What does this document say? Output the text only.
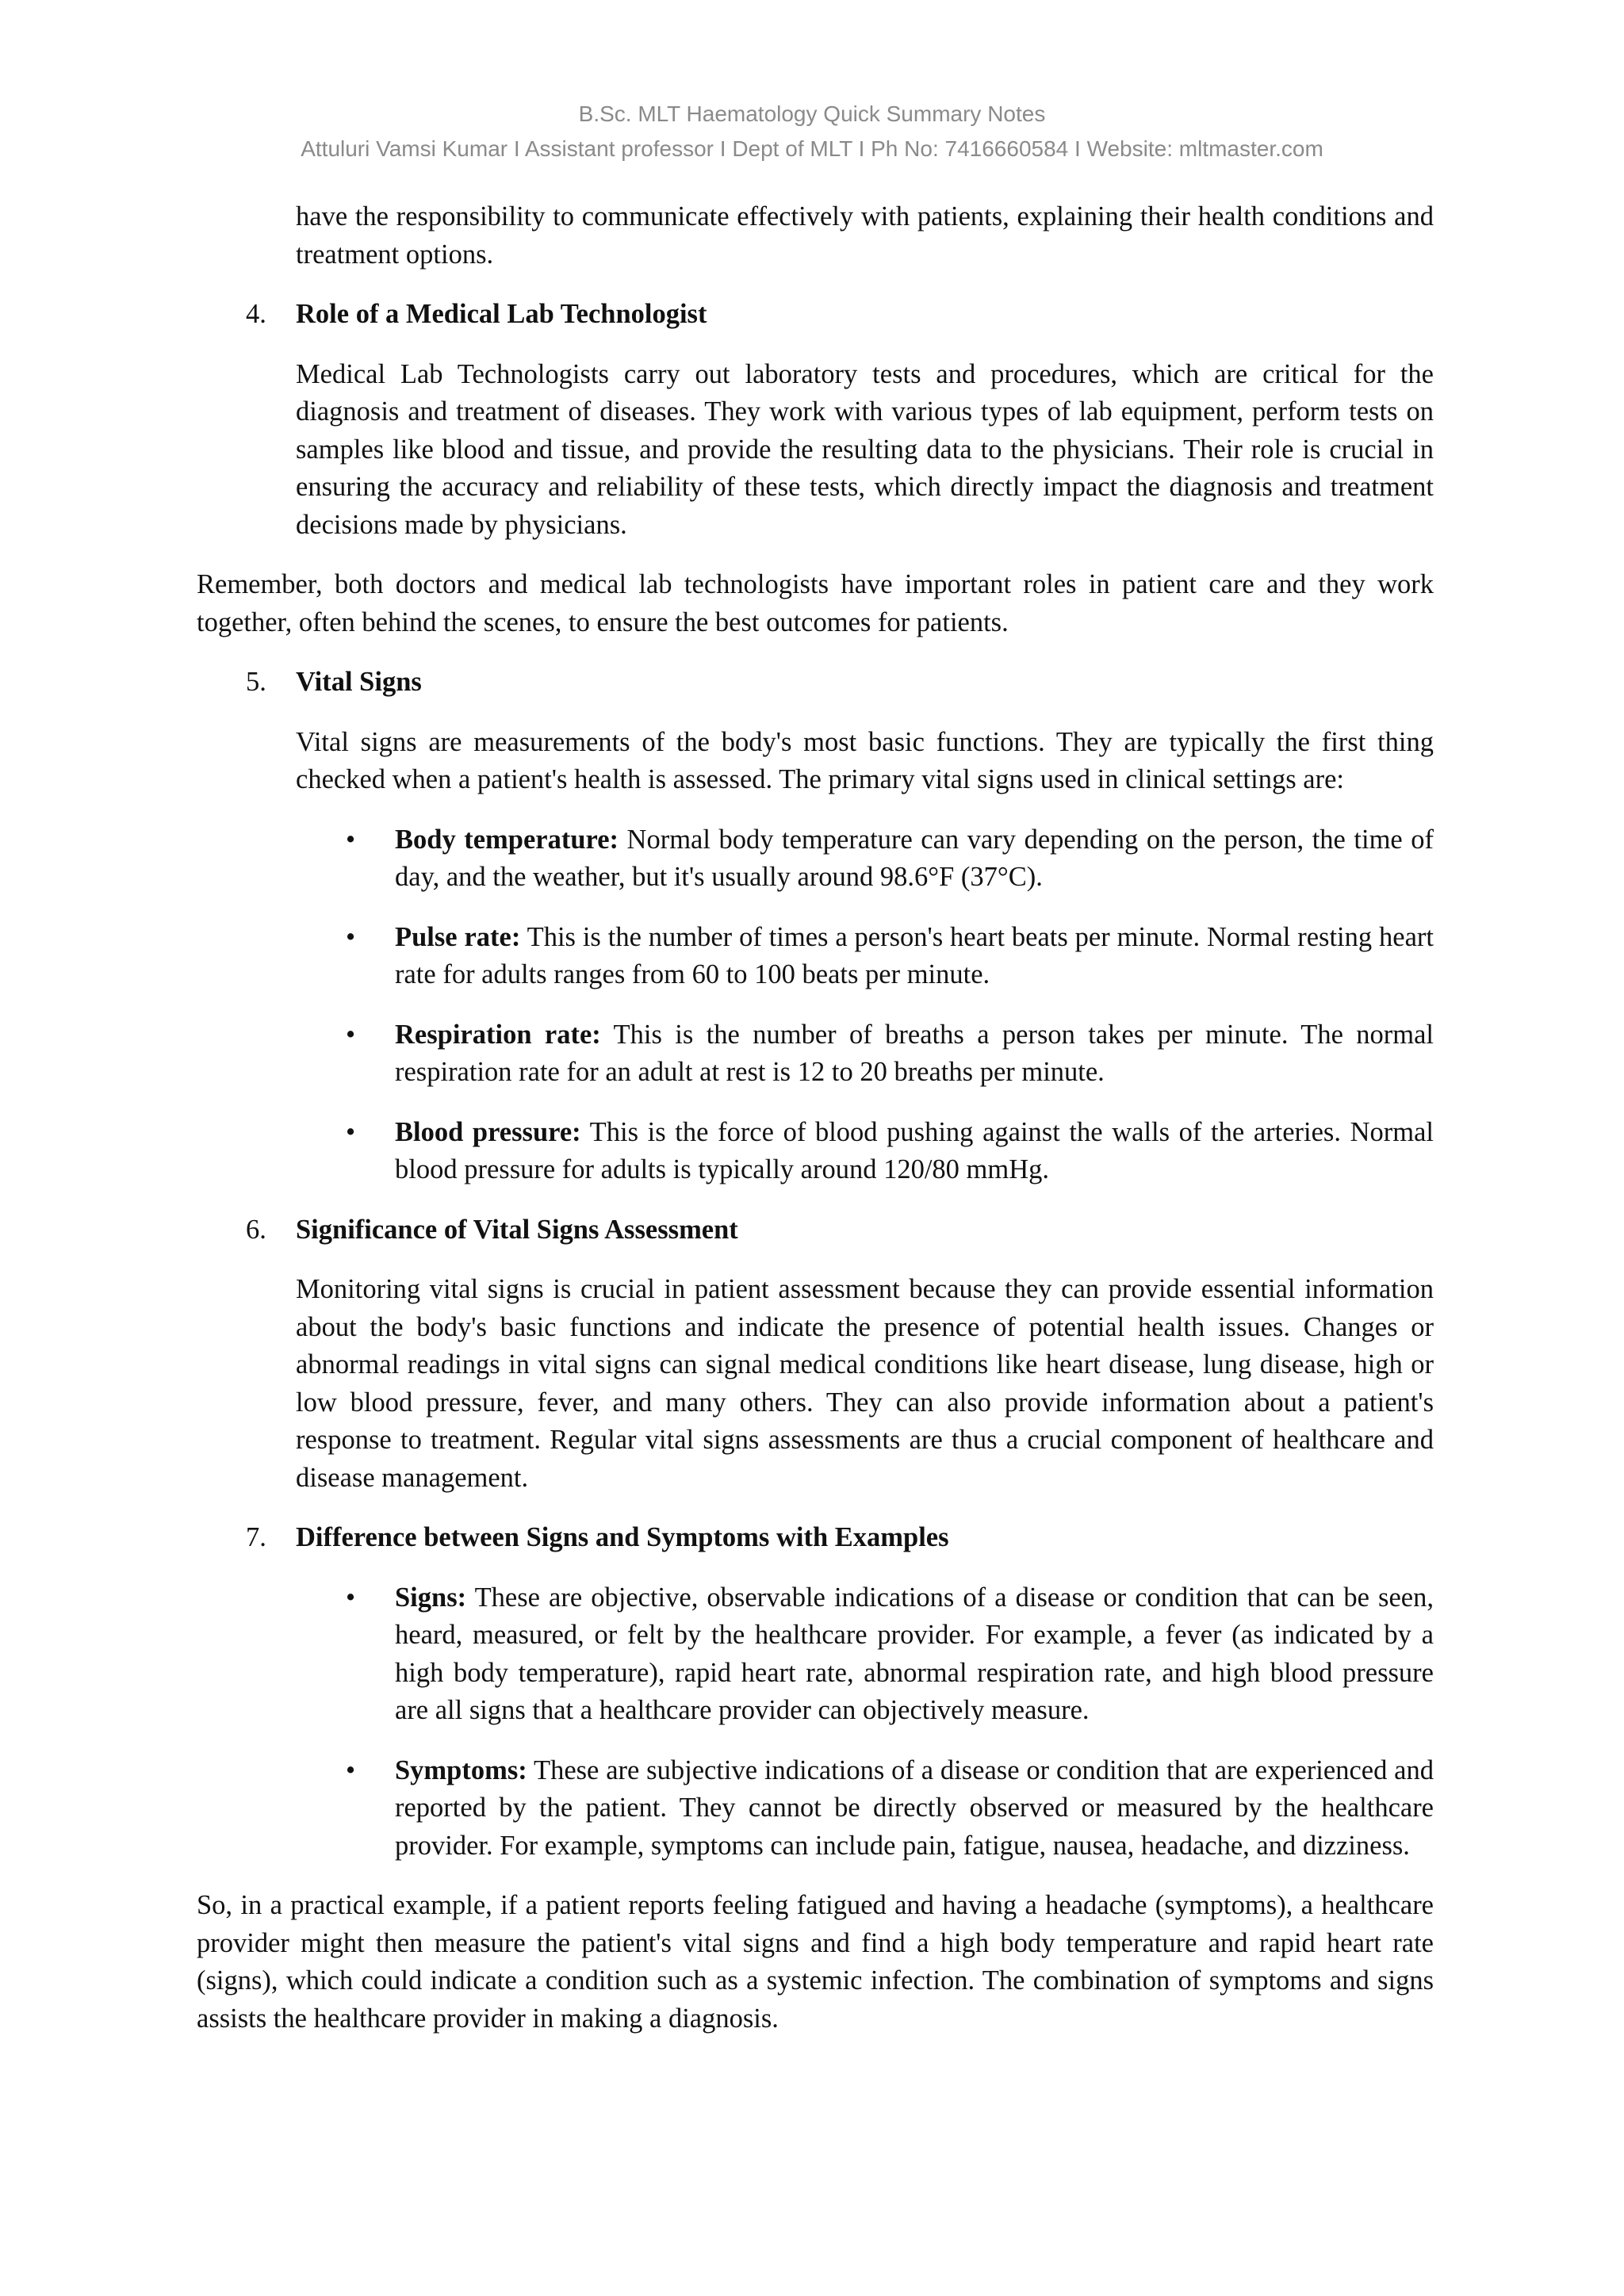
B.Sc. MLT Haematology Quick Summary Notes
Attuluri Vamsi Kumar I Assistant professor I Dept of MLT I Ph No: 7416660584 I Website: mltmaster.com

have the responsibility to communicate effectively with patients, explaining their health conditions and treatment options.

4. Role of a Medical Lab Technologist

Medical Lab Technologists carry out laboratory tests and procedures, which are critical for the diagnosis and treatment of diseases. They work with various types of lab equipment, perform tests on samples like blood and tissue, and provide the resulting data to the physicians. Their role is crucial in ensuring the accuracy and reliability of these tests, which directly impact the diagnosis and treatment decisions made by physicians.

Remember, both doctors and medical lab technologists have important roles in patient care and they work together, often behind the scenes, to ensure the best outcomes for patients.

5. Vital Signs

Vital signs are measurements of the body's most basic functions. They are typically the first thing checked when a patient's health is assessed. The primary vital signs used in clinical settings are:

• Body temperature: Normal body temperature can vary depending on the person, the time of day, and the weather, but it's usually around 98.6°F (37°C).
• Pulse rate: This is the number of times a person's heart beats per minute. Normal resting heart rate for adults ranges from 60 to 100 beats per minute.
• Respiration rate: This is the number of breaths a person takes per minute. The normal respiration rate for an adult at rest is 12 to 20 breaths per minute.
• Blood pressure: This is the force of blood pushing against the walls of the arteries. Normal blood pressure for adults is typically around 120/80 mmHg.
6. Significance of Vital Signs Assessment

Monitoring vital signs is crucial in patient assessment because they can provide essential information about the body's basic functions and indicate the presence of potential health issues. Changes or abnormal readings in vital signs can signal medical conditions like heart disease, lung disease, high or low blood pressure, fever, and many others. They can also provide information about a patient's response to treatment. Regular vital signs assessments are thus a crucial component of healthcare and disease management.

7. Difference between Signs and Symptoms with Examples
• Signs: These are objective, observable indications of a disease or condition that can be seen, heard, measured, or felt by the healthcare provider. For example, a fever (as indicated by a high body temperature), rapid heart rate, abnormal respiration rate, and high blood pressure are all signs that a healthcare provider can objectively measure.
• Symptoms: These are subjective indications of a disease or condition that are experienced and reported by the patient. They cannot be directly observed or measured by the healthcare provider. For example, symptoms can include pain, fatigue, nausea, headache, and dizziness.

So, in a practical example, if a patient reports feeling fatigued and having a headache (symptoms), a healthcare provider might then measure the patient's vital signs and find a high body temperature and rapid heart rate (signs), which could indicate a condition such as a systemic infection. The combination of symptoms and signs assists the healthcare provider in making a diagnosis.
